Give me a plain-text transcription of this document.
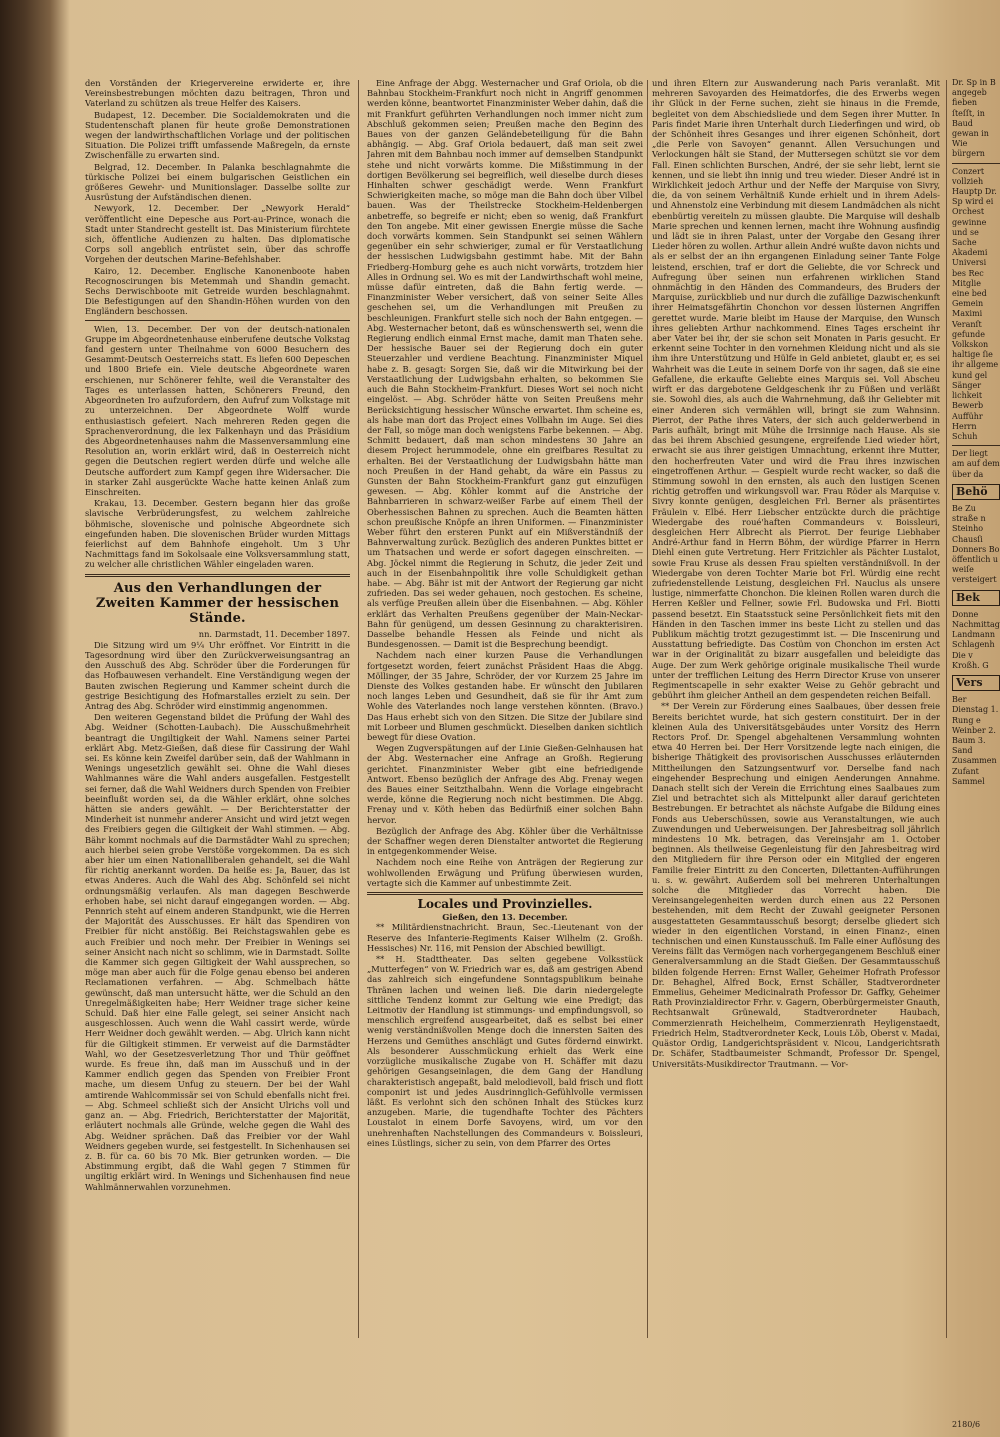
den Vorständen der Kriegervereine erwiderte er, ihre Vereinsbestrebungen möchten dazu beitragen, Thron und Vaterland zu schützen als treue Helfer des Kaisers.

Budapest, 12. December. Die Socialdemokraten und die Studentenschaft planen für heute große Demonstrationen wegen der landwirthschaftlichen Vorlage und der politischen Situation. Die Polizei trifft umfassende Maßregeln, da ernste Zwischenfälle zu erwarten sind.

Belgrad, 12. December. In Palanka beschlagnahmte die türkische Polizei bei einem bulgarischen Geistlichen ein größeres Gewehr- und Munitionslager. Dasselbe sollte zur Ausrüstung der Aufständischen dienen.

Newyork, 12. December. Der „Newyork Herald“ veröffentlicht eine Depesche aus Port-au-Prince, wonach die Stadt unter Standrecht gestellt ist. Das Ministerium fürchtete sich, öffentliche Audienzen zu halten. Das diplomatische Corps soll angeblich entrüstet sein, über das schroffe Vorgehen der deutschen Marine-Befehlshaber.

Kairo, 12. December. Englische Kanonenboote haben Recognoscirungen bis Metemmah und Shandin gemacht. Sechs Derwischboote mit Getreide wurden beschlagnahmt. Die Befestigungen auf den Shandin-Höhen wurden von den Engländern beschossen.

Wien, 13. December. Der von der deutsch-nationalen Gruppe im Abgeordnetenhause einberufene deutsche Volkstag fand gestern unter Theilnahme von 6000 Besuchern des Gesammt-Deutsch Oesterreichs statt. Es liefen 600 Depeschen und 1800 Briefe ein. Viele deutsche Abgeordnete waren erschienen, nur Schönerer fehlte, weil die Veranstalter des Tages es unterlassen hatten, Schönerers Freund, den Abgeordneten Iro aufzufordern, den Aufruf zum Volkstage mit zu unterzeichnen. Der Abgeordnete Wolff wurde enthusiastisch gefeiert. Nach mehreren Reden gegen die Sprachenverordnung, die lex Falkenhayn und das Präsidium des Abgeordnetenhauses nahm die Massenversammlung eine Resolution an, worin erklärt wird, daß in Oesterreich nicht gegen die Deutschen regiert werden dürfe und welche alle Deutsche auffordert zum Kampf gegen ihre Widersacher. Die in starker Zahl ausgerückte Wache hatte keinen Anlaß zum Einschreiten.

Krakau, 13. December. Gestern begann hier das große slavische Verbrüderungsfest, zu welchem zahlreiche böhmische, slovenische und polnische Abgeordnete sich eingefunden haben. Die slovenischen Brüder wurden Mittags feierlichst auf dem Bahnhofe eingeholt. Um 3 Uhr Nachmittags fand im Sokolsaale eine Volksversammlung statt, zu welcher alle christlichen Wähler eingeladen waren.

Aus den Verhandlungen der Zweiten Kammer der hessischen Stände.
nn. Darmstadt, 11. December 1897.

Die Sitzung wird um 9¼ Uhr eröffnet. Vor Eintritt in die Tagesordnung wird über den Zurückverweisungsantrag an den Ausschuß des Abg. Schröder über die Forderungen für das Hofbauwesen verhandelt. Eine Verständigung wegen der Bauten zwischen Regierung und Kammer scheint durch die gestrige Besichtigung des Hofmarstalles erzielt zu sein. Der Antrag des Abg. Schröder wird einstimmig angenommen.

Den weiteren Gegenstand bildet die Prüfung der Wahl des Abg. Weidner (Schotten-Laubach). Die Ausschußmehrheit beantragt die Ungiltigkeit der Wahl. Namens seiner Partei erklärt Abg. Metz-Gießen, daß diese für Cassirung der Wahl sei. Es könne kein Zweifel darüber sein, daß der Wahlmann in Wenings ungesetzlich gewählt sei. Ohne die Wahl dieses Wahlmannes wäre die Wahl anders ausgefallen. Festgestellt sei ferner, daß die Wahl Weidners durch Spenden von Freibier beeinflußt worden sei, da die Wähler erklärt, ohne solches hätten sie anders gewählt. — Der Berichterstatter der Minderheit ist nunmehr anderer Ansicht und wird jetzt wegen des Freibiers gegen die Giltigkeit der Wahl stimmen. — Abg. Bähr kommt nochmals auf die Darmstädter Wahl zu sprechen; auch hierbei seien grobe Verstöße vorgekommen. Da es sich aber hier um einen Nationalliberalen gehandelt, sei die Wahl für richtig anerkannt worden. Da heiße es: Ja, Bauer, das ist etwas Anderes. Auch die Wahl des Abg. Schönfeld sei nicht ordnungsmäßig verlaufen. Als man dagegen Beschwerde erhoben habe, sei nicht darauf eingegangen worden. — Abg. Pennrich steht auf einem anderen Standpunkt, wie die Herren der Majorität des Ausschusses. Er hält das Spendiren von Freibier für nicht anstößig. Bei Reichstagswahlen gebe es auch Freibier und noch mehr. Der Freibier in Wenings sei seiner Ansicht nach nicht so schlimm, wie in Darmstadt. Sollte die Kammer sich gegen Giltigkeit der Wahl aussprechen, so möge man aber auch für die Folge genau ebenso bei anderen Reclamationen verfahren. — Abg. Schmelbach hätte gewünscht, daß man untersucht hätte, wer die Schuld an den Unregelmäßigkeiten habe; Herr Weidner trage sicher keine Schuld. Daß hier eine Falle gelegt, sei seiner Ansicht nach ausgeschlossen. Auch wenn die Wahl cassirt werde, würde Herr Weidner doch gewählt werden. — Abg. Ulrich kann nicht für die Giltigkeit stimmen. Er verweist auf die Darmstädter Wahl, wo der Gesetzesverletzung Thor und Thür geöffnet wurde. Es freue ihn, daß man im Ausschuß und in der Kammer endlich gegen das Spenden von Freibier Front mache, um diesem Unfug zu steuern. Der bei der Wahl amtirende Wahlcommissär sei von Schuld ebenfalls nicht frei. — Abg. Schmeel schließt sich der Ansicht Ulrichs voll und ganz an. — Abg. Friedrich, Berichterstatter der Majorität, erläutert nochmals alle Gründe, welche gegen die Wahl des Abg. Weidner sprächen. Daß das Freibier vor der Wahl Weidners gegeben wurde, sei festgestellt. In Sichenhausen sei z. B. für ca. 60 bis 70 Mk. Bier getrunken worden. — Die Abstimmung ergibt, daß die Wahl gegen 7 Stimmen für ungiltig erklärt wird. In Wenings und Sichenhausen find neue Wahlmännerwahlen vorzunehmen.

Eine Anfrage der Abgg. Westernacher und Graf Oriola, ob die Bahnbau Stockheim-Frankfurt noch nicht in Angriff genommen werden könne, beantwortet Finanzminister Weber dahin, daß die mit Frankfurt geführten Verhandlungen noch immer nicht zum Abschluß gekommen seien; Preußen mache den Beginn des Baues von der ganzen Geländebeteiligung für die Bahn abhängig. — Abg. Graf Oriola bedauert, daß man seit zwei Jahren mit dem Bahnbau noch immer auf demselben Standpunkt stehe und nicht vorwärts komme. Die Mißstimmung in der dortigen Bevölkerung sei begreiflich, weil dieselbe durch dieses Hinhalten schwer geschädigt werde. Wenn Frankfurt Schwierigkeiten mache, so möge man die Bahn doch über Vilbel bauen. Was der Theilstrecke Stockheim-Heldenbergen anbetreffe, so begreife er nicht; eben so wenig, daß Frankfurt den Ton angebe. Mit einer gewissen Energie müsse die Sache doch vorwärts kommen. Sein Standpunkt sei seinen Wählern gegenüber ein sehr schwieriger, zumal er für Verstaatlichung der hessischen Ludwigsbahn gestimmt habe. Mit der Bahn Friedberg-Homburg gehe es auch nicht vorwärts, trotzdem hier Alles in Ordnung sei. Wo es mit der Landwirthschaft wohl meine, müsse dafür eintreten, daß die Bahn fertig werde. — Finanzminister Weber versichert, daß von seiner Seite Alles geschehen sei, um die Verhandlungen mit Preußen zu beschleunigen. Frankfurt stelle sich noch der Bahn entgegen. — Abg. Westernacher betont, daß es wünschenswerth sei, wenn die Regierung endlich einmal Ernst mache, damit man Thaten sehe. Der hessische Bauer sei der Regierung doch ein guter Steuerzahler und verdiene Beachtung. Finanzminister Miquel habe z. B. gesagt: Sorgen Sie, daß wir die Mitwirkung bei der Verstaatlichung der Ludwigsbahn erhalten, so bekommen Sie auch die Bahn Stockheim-Frankfurt. Dieses Wort sei noch nicht eingelöst. — Abg. Schröder hätte von Seiten Preußens mehr Berücksichtigung hessischer Wünsche erwartet. Ihm scheine es, als habe man dort das Project eines Vollbahn im Auge. Sei dies der Fall, so möge man doch wenigstens Farbe bekennen. — Abg. Schmitt bedauert, daß man schon mindestens 30 Jahre an diesem Project herummodele, ohne ein greifbares Resultat zu erhalten. Bei der Verstaatlichung der Ludwigsbahn hätte man noch Preußen in der Hand gehabt, da wäre ein Passus zu Gunsten der Bahn Stockheim-Frankfurt ganz gut einzufügen gewesen. — Abg. Köhler kommt auf die Anstriche der Bahnbarrieren in schwarz-weißer Farbe auf einem Theil der Oberhessischen Bahnen zu sprechen. Auch die Beamten hätten schon preußische Knöpfe an ihren Uniformen. — Finanzminister Weber führt den ersteren Punkt auf ein Mißverständniß der Bahnverwaltung zurück. Bezüglich des anderen Punktes bittet er um Thatsachen und werde er sofort dagegen einschreiten. — Abg. Jöckel nimmt die Regierung in Schutz, die jeder Zeit und auch in der Eisenbahnpolitik ihre volle Schuldigkeit gethan habe. — Abg. Bähr ist mit der Antwort der Regierung gar nicht zufrieden. Das sei weder gehauen, noch gestochen. Es scheine, als verfüge Preußen allein über die Eisenbahnen. — Abg. Köhler erklärt das Verhalten Preußens gegenüber der Main-Neckar-Bahn für genügend, um dessen Gesinnung zu charakterisiren. Dasselbe behandle Hessen als Feinde und nicht als Bundesgenossen. — Damit ist die Besprechung beendigt.

Nachdem nach einer kurzen Pause die Verhandlungen fortgesetzt worden, feiert zunächst Präsident Haas die Abgg. Möllinger, der 35 Jahre, Schröder, der vor Kurzem 25 Jahre im Dienste des Volkes gestanden habe. Er wünscht den Jubilaren noch langes Leben und Gesundheit, daß sie für ihr Amt zum Wohle des Vaterlandes noch lange verstehen könnten. (Bravo.) Das Haus erhebt sich von den Sitzen. Die Sitze der Jubilare sind mit Lorbeer und Blumen geschmückt. Dieselben danken sichtlich bewegt für diese Ovation.

Wegen Zugverspätungen auf der Linie Gießen-Gelnhausen hat der Abg. Westernacher eine Anfrage an Großh. Regierung gerichtet. Finanzminister Weber gibt eine befriedigende Antwort. Ebenso bezüglich der Anfrage des Abg. Frenay wegen des Baues einer Seitzthalbahn. Wenn die Vorlage eingebracht werde, könne die Regierung noch nicht bestimmen. Die Abgg. Frenay und v. Köth heben das Bedürfniß einer solchen Bahn hervor.

Bezüglich der Anfrage des Abg. Köhler über die Verhältnisse der Schaffner wegen deren Dienstalter antwortet die Regierung in entgegenkommender Weise.

Nachdem noch eine Reihe von Anträgen der Regierung zur wohlwollenden Erwägung und Prüfung überwiesen wurden, vertagte sich die Kammer auf unbestimmte Zeit.

Locales und Provinzielles.
Gießen, den 13. December.

** Militärdienstnachricht. Braun, Sec.-Lieutenant von der Reserve des Infanterie-Regiments Kaiser Wilhelm (2. Großh. Hessisches) Nr. 116, mit Pension der Abschied bewilligt.

** H. Stadttheater. Das selten gegebene Volksstück „Mutterfegen“ von W. Friedrich war es, daß am gestrigen Abend das zahlreich sich eingefundene Sonntagspublikum beinahe Thränen lachen und weinen ließ. Die darin niedergelegte sittliche Tendenz kommt zur Geltung wie eine Predigt; das Leitmotiv der Handlung ist stimmungs- und empfindungsvoll, so menschlich ergreifend ausgearbeitet, daß es selbst bei einer wenig verständnißvollen Menge doch die innersten Saiten des Herzens und Gemüthes anschlägt und Gutes fördernd einwirkt. Als besonderer Ausschmückung erhielt das Werk eine vorzügliche musikalische Zugabe von H. Schäffer mit dazu gehörigen Gesangseinlagen, die dem Gang der Handlung charakteristisch angepaßt, bald melodievoll, bald frisch und flott componirt ist und jedes Ausdrinnglich-Gefühlvolle vermissen läßt. Es verlohnt sich den schönen Inhalt des Stückes kurz anzugeben. Marie, die tugendhafte Tochter des Pächters Loustalot in einem Dorfe Savoyens, wird, um vor den unehrenhaften Nachstellungen des Commandeurs v. Boissleuri, eines Lüstlings, sicher zu sein, von dem Pfarrer des Ortes

und ihren Eltern zur Auswanderung nach Paris veranlaßt. Mit mehreren Savoyarden des Heimatdorfes, die des Erwerbs wegen ihr Glück in der Ferne suchen, zieht sie hinaus in die Fremde, begleitet von dem Abschiedsliede und dem Segen ihrer Mutter. In Paris findet Marie ihren Unterhalt durch Liederfingen und wird, ob der Schönheit ihres Gesanges und ihrer eigenen Schönheit, dort „die Perle von Savoyen“ genannt. Allen Versuchungen und Verlockungen hält sie Stand, der Muttersegen schützt sie vor dem Fall. Einen schlichten Burschen, André, der sie sehr liebt, lernt sie kennen, und sie liebt ihn innig und treu wieder. Dieser André ist in Wirklichkeit jedoch Arthur und der Neffe der Marquise von Sivry, die, da von seinem Verhältniß Kunde erhielt und in ihrem Adels- und Ahnenstolz eine Verbindung mit diesem Landmädchen als nicht ebenbürtig vereiteln zu müssen glaubte. Die Marquise will deshalb Marie sprechen und kennen lernen, macht ihre Wohnung ausfindig und lädt sie in ihren Palast, unter der Vorgabe den Gesang ihrer Lieder hören zu wollen. Arthur allein André wußte davon nichts und als er selbst der an ihn ergangenen Einladung seiner Tante Folge leistend, erschien, traf er dort die Geliebte, die vor Schreck und Aufregung über seinen nun erfahrenen wirklichen Stand ohnmächtig in den Händen des Commandeurs, des Bruders der Marquise, zurückblieb und nur durch die zufällige Dazwischenkunft ihrer Heimatsgefährtin Chonchon vor dessen lüsternen Angriffen gerettet wurde. Marie bleibt im Hause der Marquise, den Wunsch ihres geliebten Arthur nachkommend. Eines Tages erscheint ihr aber Vater bei ihr, der sie schon seit Monaten in Paris gesucht. Er erkennt seine Tochter in den vornehmen Kleidung nicht und als sie ihm ihre Unterstützung und Hülfe in Geld anbietet, glaubt er, es sei Wahrheit was die Leute in seinem Dorfe von ihr sagen, daß sie eine Gefallene, die erkaufte Geliebte eines Marquis sei. Voll Abscheu wirft er das dargebotene Geldgeschenk ihr zu Füßen und verläßt sie. Sowohl dies, als auch die Wahrnehmung, daß ihr Geliebter mit einer Anderen sich vermählen will, bringt sie zum Wahnsinn. Pierrot, der Pathe ihres Vaters, der sich auch gelderwerbend in Paris aufhält, bringt mit Mühe die Irrsinnige nach Hause. Als sie das bei ihrem Abschied gesungene, ergreifende Lied wieder hört, erwacht sie aus ihrer geistigen Umnachtung, erkennt ihre Mutter, den hocherfreuten Vater und wird die Frau ihres inzwischen eingetroffenen Arthur. — Gespielt wurde recht wacker, so daß die Stimmung sowohl in den ernsten, als auch den lustigen Scenen richtig getroffen und wirkungsvoll war. Frau Röder als Marquise v. Sivry konnte genügen, desgleichen Frl. Berner als präsentirtes Fräulein v. Elbé. Herr Liebscher entzückte durch die prächtige Wiedergabe des roué'haften Commandeurs v. Boissleuri, desgleichen Herr Albrecht als Pierrot. Der feurige Liebhaber André-Arthur fand in Herrn Böhm, der würdige Pfarrer in Herrn Diehl einen gute Vertretung. Herr Fritzichler als Pächter Lustalot, sowie Frau Kruse als dessen Frau spielten verständnißvoll. In der Wiedergabe von deren Tochter Marie bot Frl. Würdig eine recht zufriedenstellende Leistung, desgleichen Frl. Nauclus als unsere lustige, nimmerfatte Chonchon. Die kleinen Rollen waren durch die Herren Keßler und Fellner, sowie Frl. Budowska und Frl. Biotti passend besetzt. Ein Staatsstuck seine Persönlichkeit fiets mit den Händen in den Taschen immer ins beste Licht zu stellen und das Publikum mächtig trotzt gezugestimmt ist. — Die Inscenirung und Ausstattung befriedigte. Das Costüm von Chonchon im ersten Act war in der Originalität zu bizarr ausgefallen und beleidigte das Auge. Der zum Werk gehörige originale musikalische Theil wurde unter der trefflichen Leitung des Herrn Director Kruse von unserer Regimentscapelle in sehr exakter Weise zu Gehör gebracht und gebührt ihm gleicher Antheil an dem gespendeten reichen Beifall.

** Der Verein zur Förderung eines Saalbaues, über dessen freie Bereits berichtet wurde, hat sich gestern constituirt. Der in der kleinen Aula des Universitätsgebäudes unter Vorsitz des Herrn Rectors Prof. Dr. Spengel abgehaltenen Versammlung wohnten etwa 40 Herren bei. Der Herr Vorsitzende legte nach einigen, die bisherige Thätigkeit des provisorischen Ausschusses erläuternden Mittheilungen den Satzungsentwurf vor. Derselbe fand nach eingehender Besprechung und einigen Aenderungen Annahme. Danach stellt sich der Verein die Errichtung eines Saalbaues zum Ziel und betrachtet sich als Mittelpunkt aller darauf gerichteten Bestrebungen. Er betrachtet als nächste Aufgabe die Bildung eines Fonds aus Ueberschüssen, sowie aus Veranstaltungen, wie auch Zuwendungen und Ueberweisungen. Der Jahresbeitrag soll jährlich mindestens 10 Mk. betragen, das Vereinsjahr am 1. October beginnen. Als theilweise Gegenleistung für den Jahresbeitrag wird den Mitgliedern für ihre Person oder ein Mitglied der engeren Familie freier Eintritt zu den Concerten, Dilettanten-Aufführungen u. s. w. gewährt. Außerdem soll bei mehreren Unterhaltungen solche die Mitglieder das Vorrecht haben. Die Vereinsangelegenheiten werden durch einen aus 22 Personen bestehenden, mit dem Recht der Zuwahl geeigneter Personen ausgestatteten Gesammtausschuß besorgt; derselbe gliedert sich wieder in den eigentlichen Vorstand, in einen Finanz-, einen technischen und einen Kunstausschuß. Im Falle einer Auflösung des Vereins fällt das Vermögen nach vorhergegangenem Beschluß einer Generalversammlung an die Stadt Gießen. Der Gesammtausschuß bilden folgende Herren: Ernst Waller, Geheimer Hofrath Professor Dr. Behaghel, Alfred Bock, Ernst Schäller, Stadtverordneter Emmelius, Geheimer Medicinalrath Professor Dr. Gaffky, Geheimer Rath Provinzialdirector Frhr. v. Gagern, Oberbürgermeister Gnauth, Rechtsanwalt Grünewald, Stadtverordneter Haubach, Commerzienrath Heichelheim, Commerzienrath Heyligenstaedt, Friedrich Helm, Stadtverordneter Keck, Louis Löb, Oberst v. Madai, Quästor Ordig, Landgerichtspräsident v. Nicou, Landgerichtsrath Dr. Schäfer, Stadtbaumeister Schmandt, Professor Dr. Spengel, Universitäts-Musikdirector Trautmann. — Vor-

Dr. Sp in B angegeb fieben ſteſſt, in Baud gewan in Wie bürgern

Conzert vollzieh Hauptp Dr. Sp wird ei Orchest gewinne und se Sache Akademi Universi bes Rec Mitglie eine bed Gemein Maximi Veranſt gefunde Volkskon haltige ſie ihr allgeme kund gel Sänger lichkeit Bewerb Aufführ Herrn Schuh

Der liegt am auf dem über da

Behö

Be Zu straße n Steinho Chausſi Donners Bo öffentlich u weiſe versteigert

Bek

Donne Nachmittag Landmann Schlagenh Die v Kroßh. G

Vers

Ber Dienstag 1. Rung e Weinber 2. Baum 3. Sand Zusammen Zufant Sammel

2180/6
